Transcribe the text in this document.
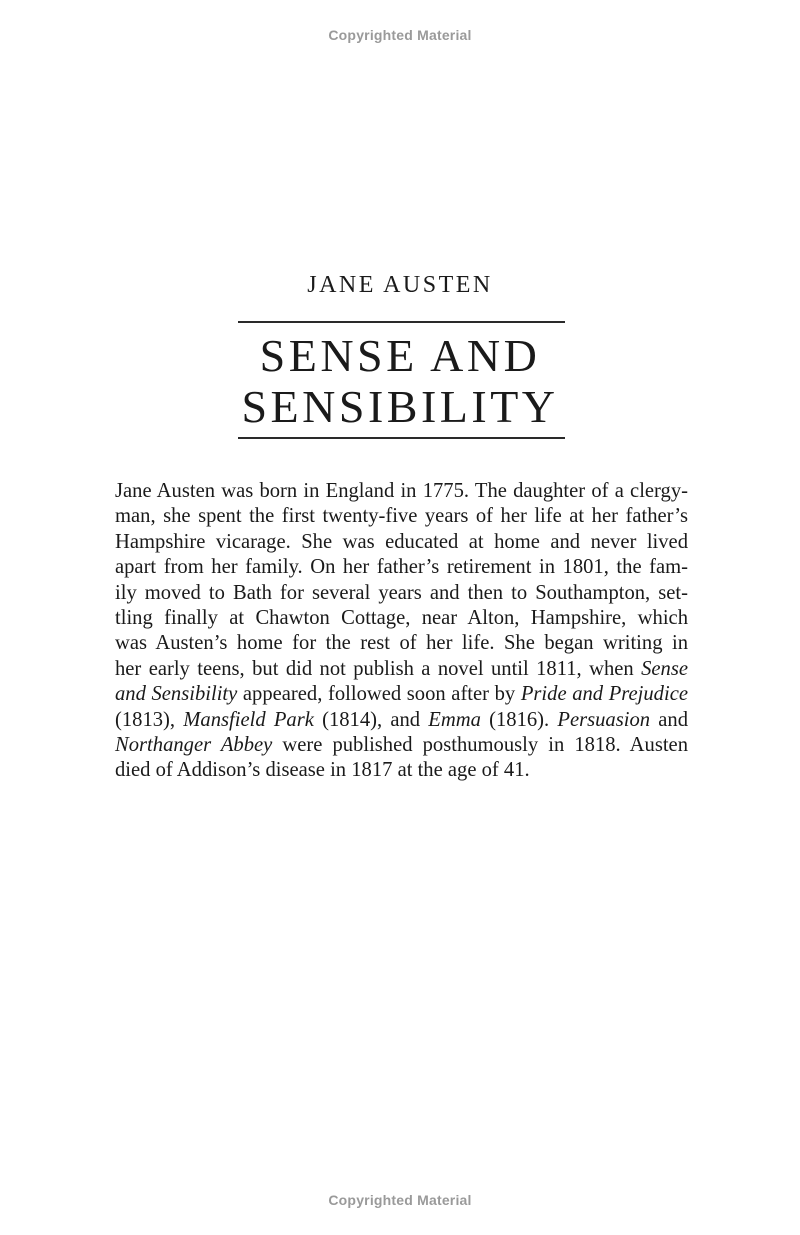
Copyrighted Material
JANE AUSTEN
SENSE AND
SENSIBILITY
Jane Austen was born in England in 1775. The daughter of a clergy-
man, she spent the first twenty-five years of her life at her father’s
Hampshire vicarage. She was educated at home and never lived
apart from her family. On her father’s retirement in 1801, the fam-
ily moved to Bath for several years and then to Southampton, set-
tling finally at Chawton Cottage, near Alton, Hampshire, which
was Austen’s home for the rest of her life. She began writing in
her early teens, but did not publish a novel until 1811, when Sense
and Sensibility appeared, followed soon after by Pride and Prejudice
(1813), Mansfield Park (1814), and Emma (1816). Persuasion and
Northanger Abbey were published posthumously in 1818. Austen
died of Addison’s disease in 1817 at the age of 41.
Copyrighted Material
